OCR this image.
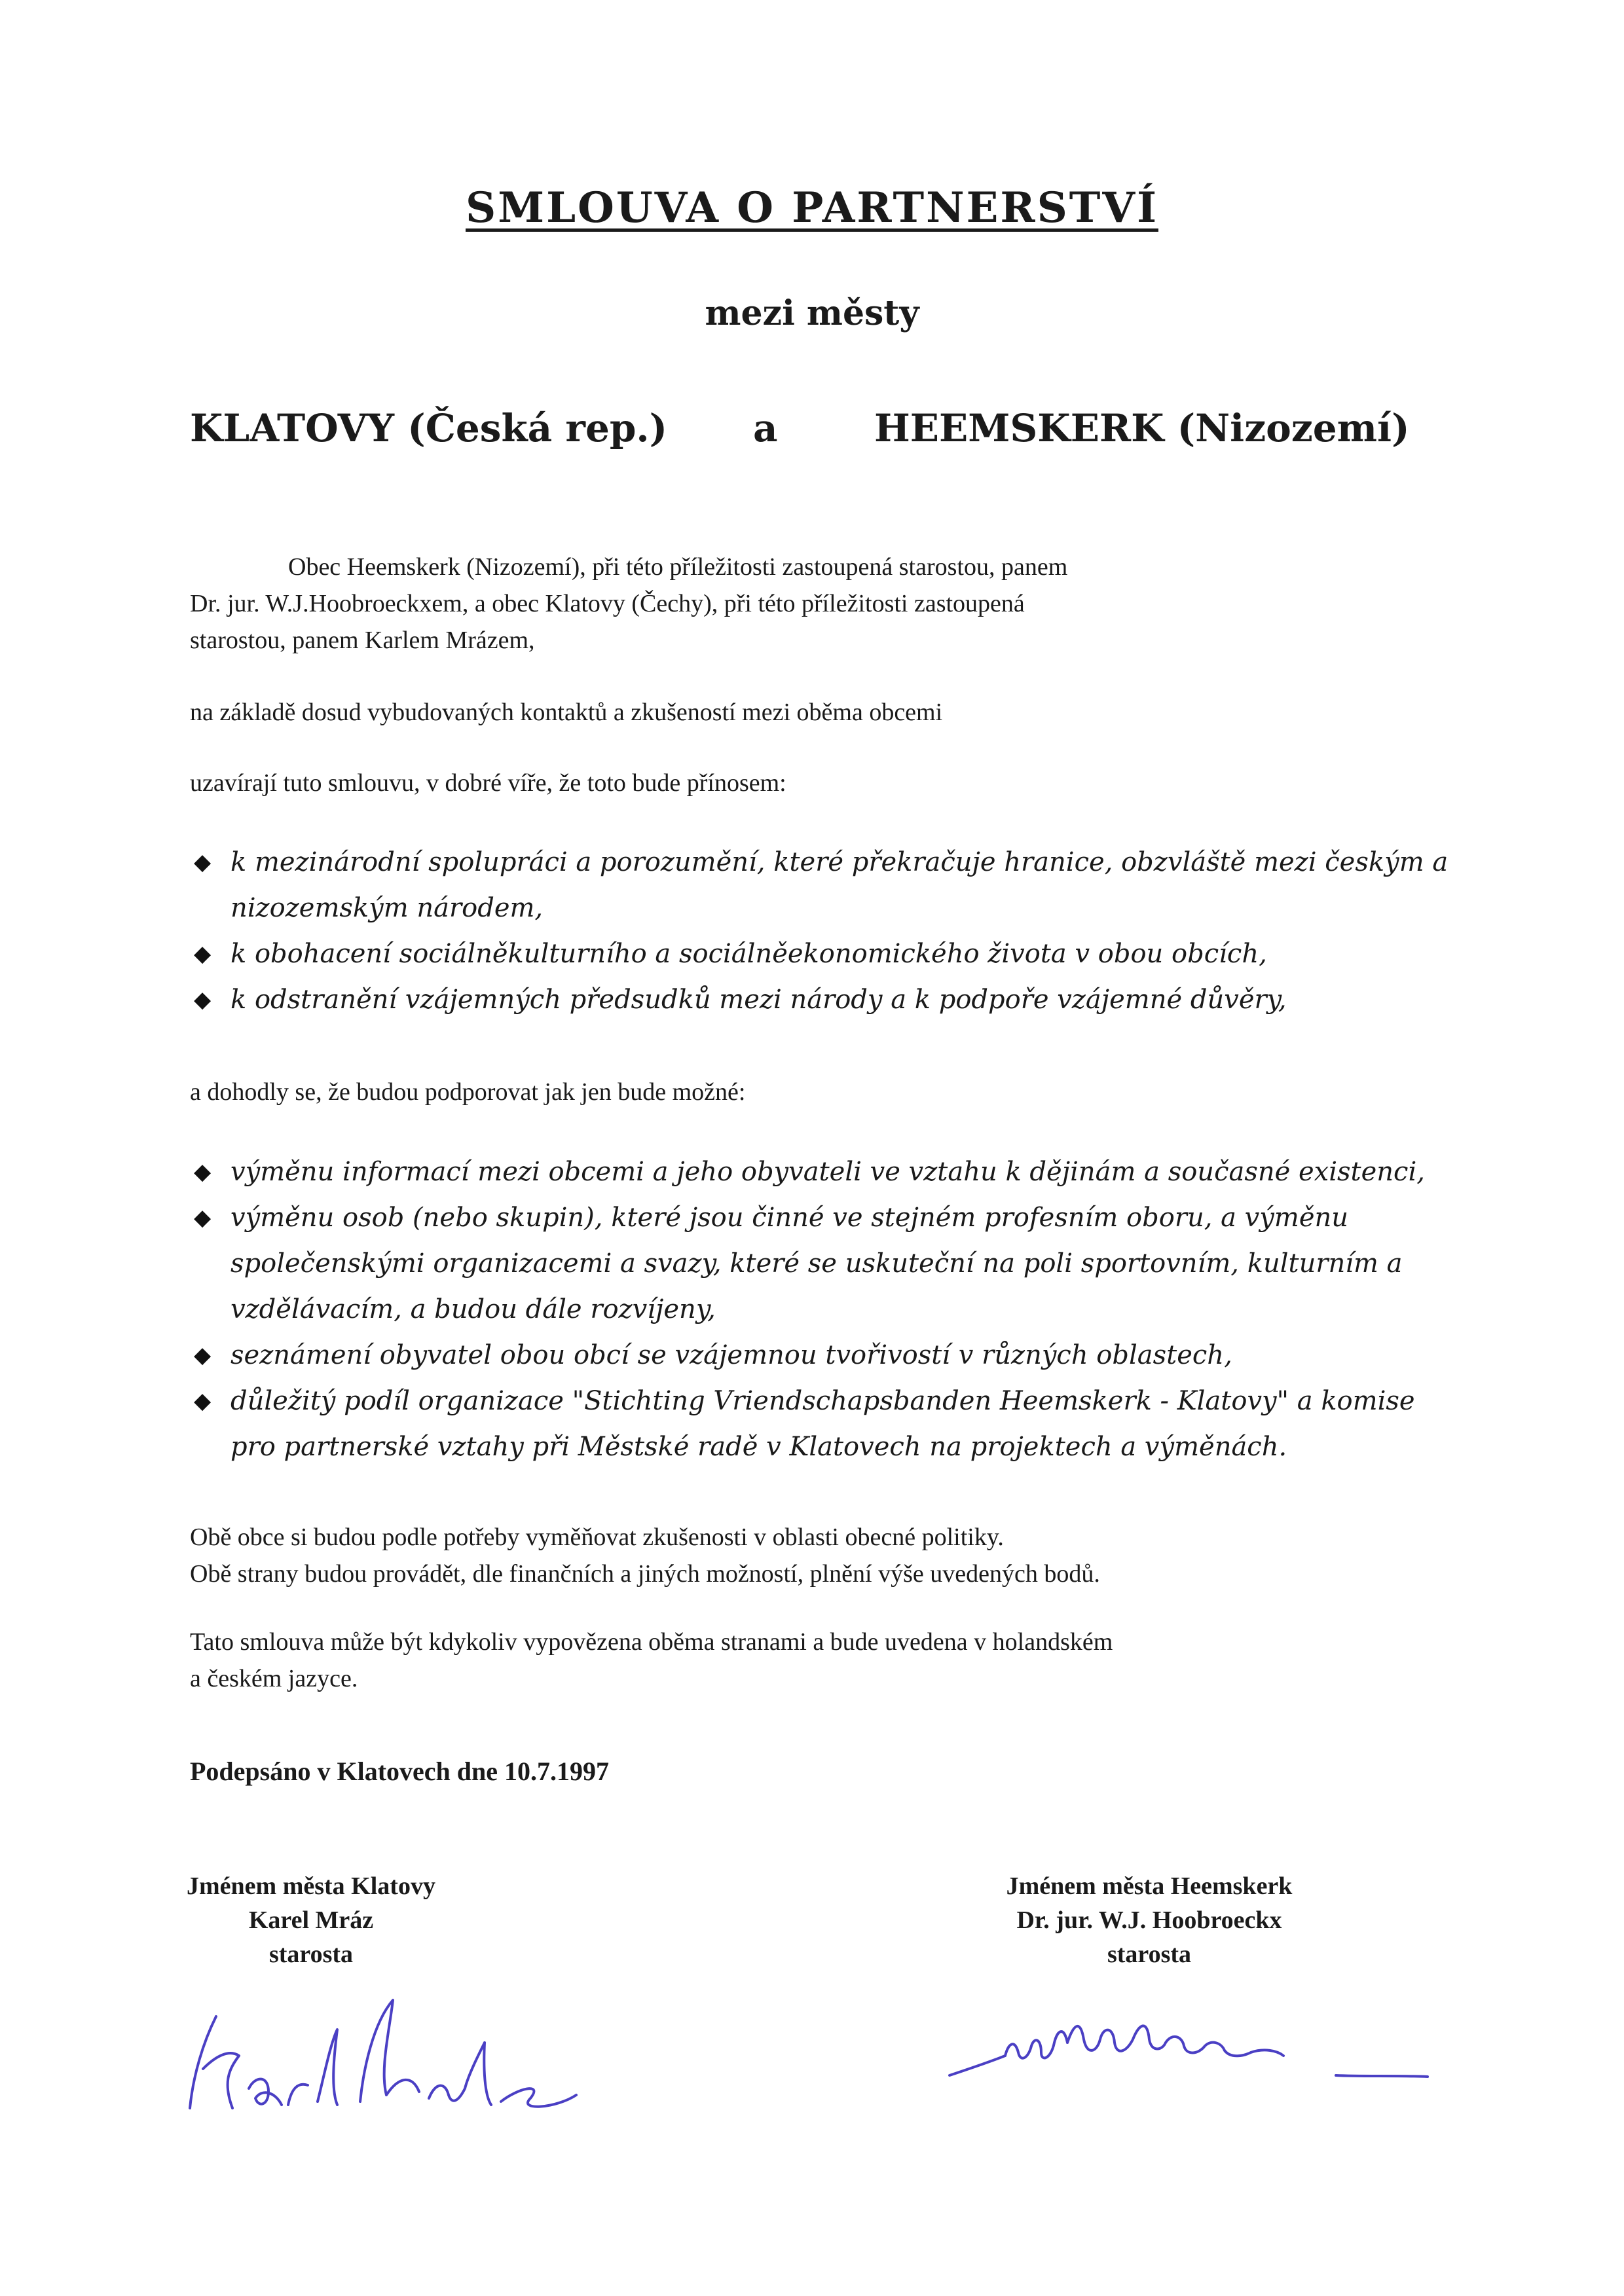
SMLOUVA O PARTNERSTVÍ
mezi městy
KLATOVY (Česká rep.) a	HEEMSKERK (Nizozemí)
Obec Heemskerk (Nizozemí), při této příležitosti zastoupená starostou, panem
Dr. jur. W.J.Hoobroeckxem, a obec Klatovy (Čechy), při této příležitosti zastoupená
starostou, panem Karlem Mrázem,
na základě dosud vybudovaných kontaktů a zkušeností mezi oběma obcemi
uzavírají tuto smlouvu, v dobré víře, že toto bude přínosem:
◆ k mezinárodní spolupráci a porozumění, které překračuje hranice, obzvláště mezi českým a
nizozemským národem,
◆ k obohacení sociálněkulturního a sociálněekonomického života v obou obcích,
◆ k odstranění vzájemných předsudků mezi národy a k podpoře vzájemné důvěry,
a dohodly se, že budou podporovat jak jen bude možné:
◆ výměnu informací mezi obcemi a jeho obyvateli ve vztahu k dějinám a současné existenci,
◆ výměnu osob (nebo skupin), které jsou činné ve stejném profesním oboru, a výměnu
společenskými organizacemi a svazy, které se uskuteční na poli sportovním, kulturním a
vzdělávacím, a budou dále rozvíjeny,
◆ seznámení obyvatel obou obcí se vzájemnou tvořivostí v různých oblastech,
◆ důležitý podíl organizace "Stichting Vriendschapsbanden Heemskerk - Klatovy" a komise
pro partnerské vztahy při Městské radě v Klatovech na projektech a výměnách.
Obě obce si budou podle potřeby vyměňovat zkušenosti v oblasti obecné politiky.
Obě strany budou provádět, dle finančních a jiných možností, plnění výše uvedených bodů.
Tato smlouva může být kdykoliv vypovězena oběma stranami a bude uvedena v holandském
a českém jazyce.
Podepsáno v Klatovech dne 10.7.1997
Jménem města Klatovy
Karel Mráz
starosta
Jménem města Heemskerk
Dr. jur. W.J. Hoobroeckx
starosta
